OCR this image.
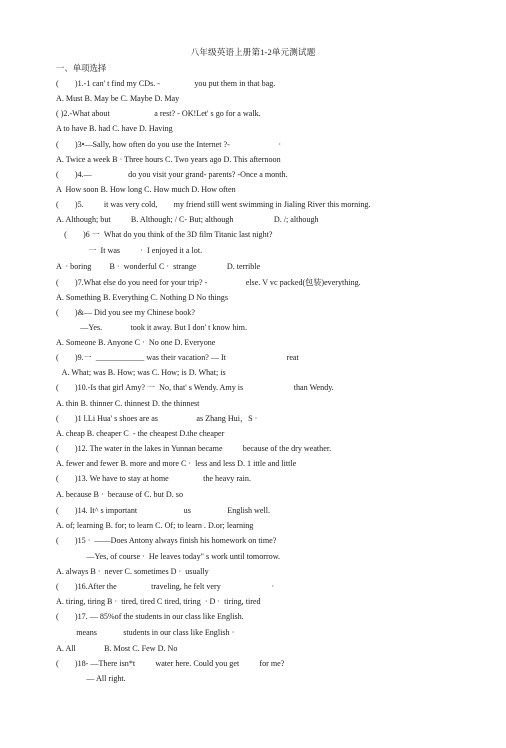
八年级英语上册第1-2单元测试题
一、单项选择
(        )1.-1 can' t find my CDs. -                 you put them in that bag.
A. Must B. May be C. Maybe D. May
( )2.-What about                      a rest? - OK!Let' s go for a walk.
A to have B. had C. have D. Having
(        )3•—Sally, how often do you use the Internet ?-                        ·
A. Twice a week B · Three hours C. Two years ago D. This afternoon
(        )4.—                  do you visit your grand- parents? -Once a month.
A  How soon B. How long C. How much D. How often
(        )5.          it was very cold,        my friend still went swimming in Jialing River this morning.
A. Although; but          B. Although; / C- But; although                    D. /; although
(        )6 一  What do you think of the 3D film Titanic last night?
一  It was          ·  I enjoyed it a lot.
A  · boring         B ·  wonderful C ·  strange               D. terrible
(        )7.What else do you need for your trip? -                   else. V vc packed(包装)everything.
A. Something B. Everything C. Nothing D No things
(        )&— Did you see my Chinese book?
—Yes.              took it away. But I don' t know him.
A. Someone B. Anyone C ·  No one D. Everyone
(        )9.一  ____________ was their vacation? — It                              reat
A. What; was B. How; was C. How; is D. What; is
(        )10.-Is that girl Amy? 一  No, that' s Wendy. Amy is                         than Wendy.
A. thin B. thinner C. thinnest D. the thinnest
(        )1 l.Li Hua' s shoes are as                   as Zhang Hui，S ·
A. cheap B. cheaper C  - the cheapest D.the cheaper
(        )12. The water in the lakes in Yunnan became          because of the dry weather.
A. fewer and fewer B. more and more C ·  less and less D. 1 ittle and little
(        )13. We have to stay at home                 the heavy rain.
A. because B ·  because of C. but D. so
(        )14. It^ s important                       us                  English well.
A. of; learning B. for; to learn C. Of; to learn . D.or; learning
(        )15 ·  ——Does Antony always finish his homework on time?
—Yes, of course ·  He leaves today" s work until tomorrow.
A. always B ·  never C. sometimes D ·  usually
(        )16.After the                 traveling, he felt very                         ·
A. tiring, tiring B ·  tired, tired C tired, tiring  · D ·  tiring, tired
(        )17. — 85%of the students in our class like English.
means             students in our class like English ·
A. All              B. Most C. Few D. No
(        )18- —There isn*t          water here. Could you get          for me?
— All right.
